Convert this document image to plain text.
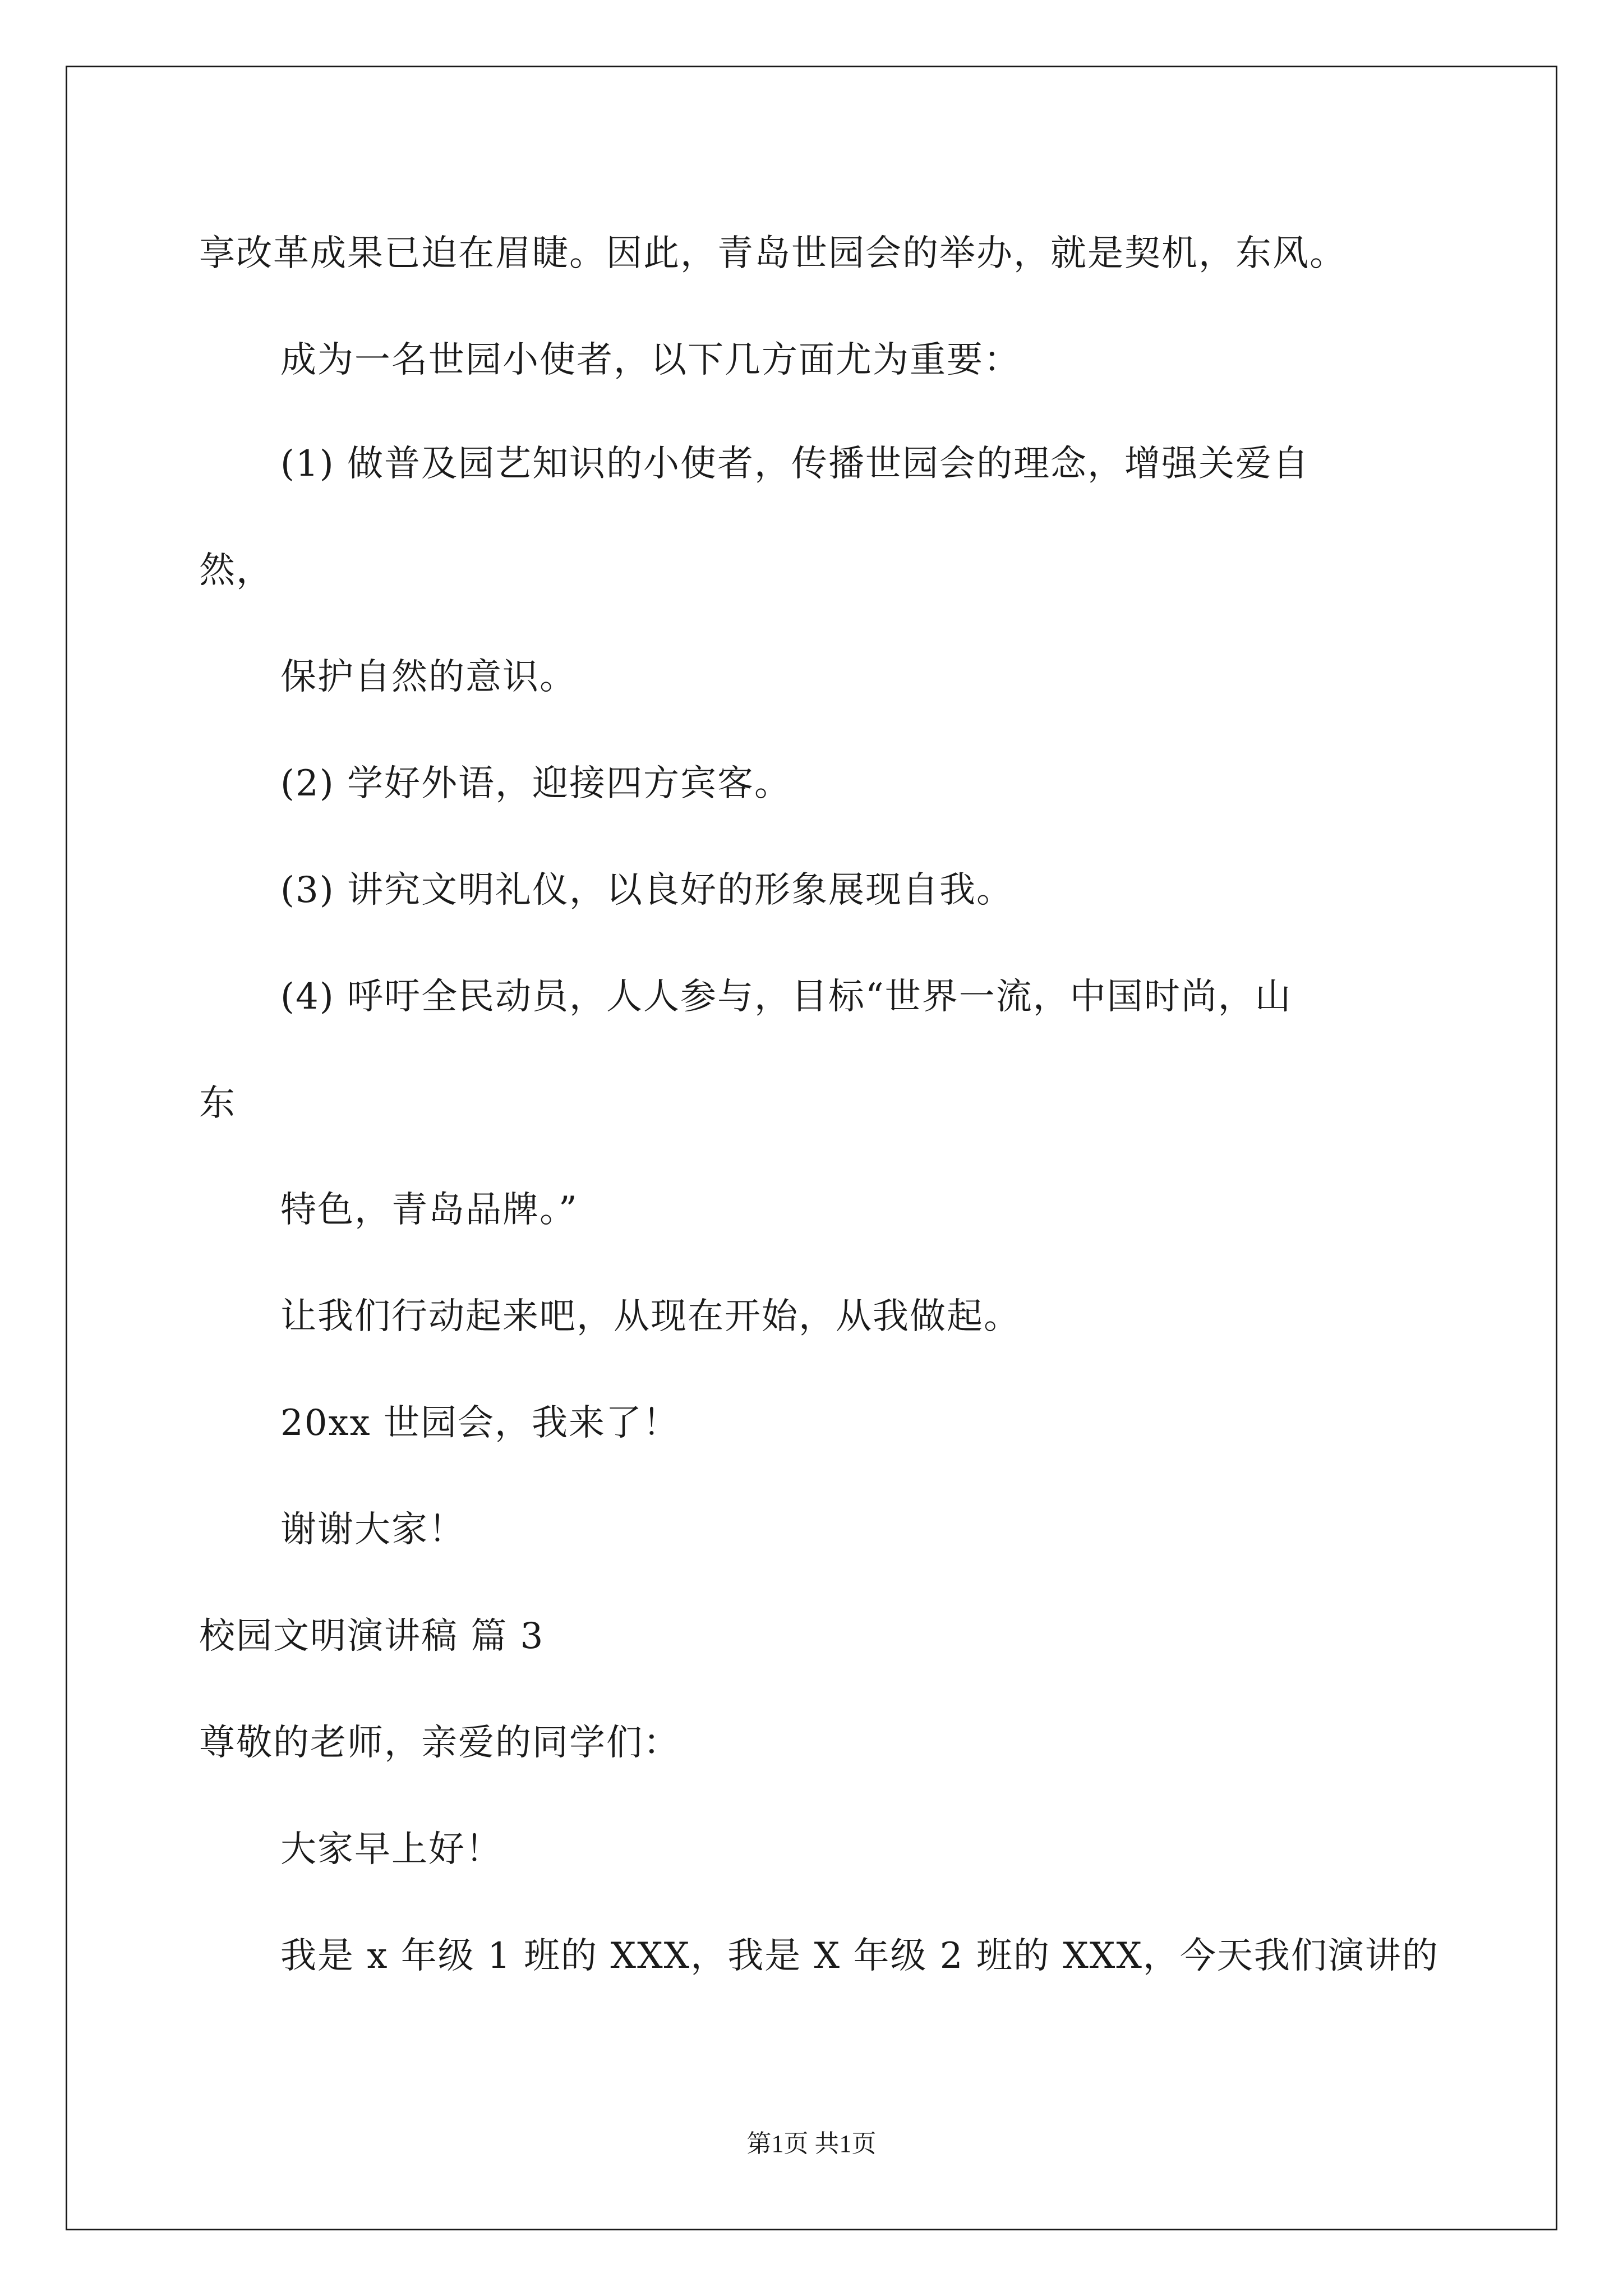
享改革成果已迫在眉睫。因此，青岛世园会的举办，就是契机，东风。
成为一名世园小使者，以下几方面尤为重要：
(1) 做普及园艺知识的小使者，传播世园会的理念，增强关爱自
然，
保护自然的意识。
(2) 学好外语，迎接四方宾客。
(3) 讲究文明礼仪，以良好的形象展现自我。
(4) 呼吁全民动员，人人参与，目标“世界一流，中国时尚，山
东
特色，青岛品牌。”
让我们行动起来吧，从现在开始，从我做起。
20xx 世园会，我来了！
谢谢大家！
校园文明演讲稿 篇 3
尊敬的老师，亲爱的同学们：
大家早上好！
我是 x 年级 1 班的 XXX，我是 X 年级 2 班的 XXX，今天我们演讲的
第1页 共1页
